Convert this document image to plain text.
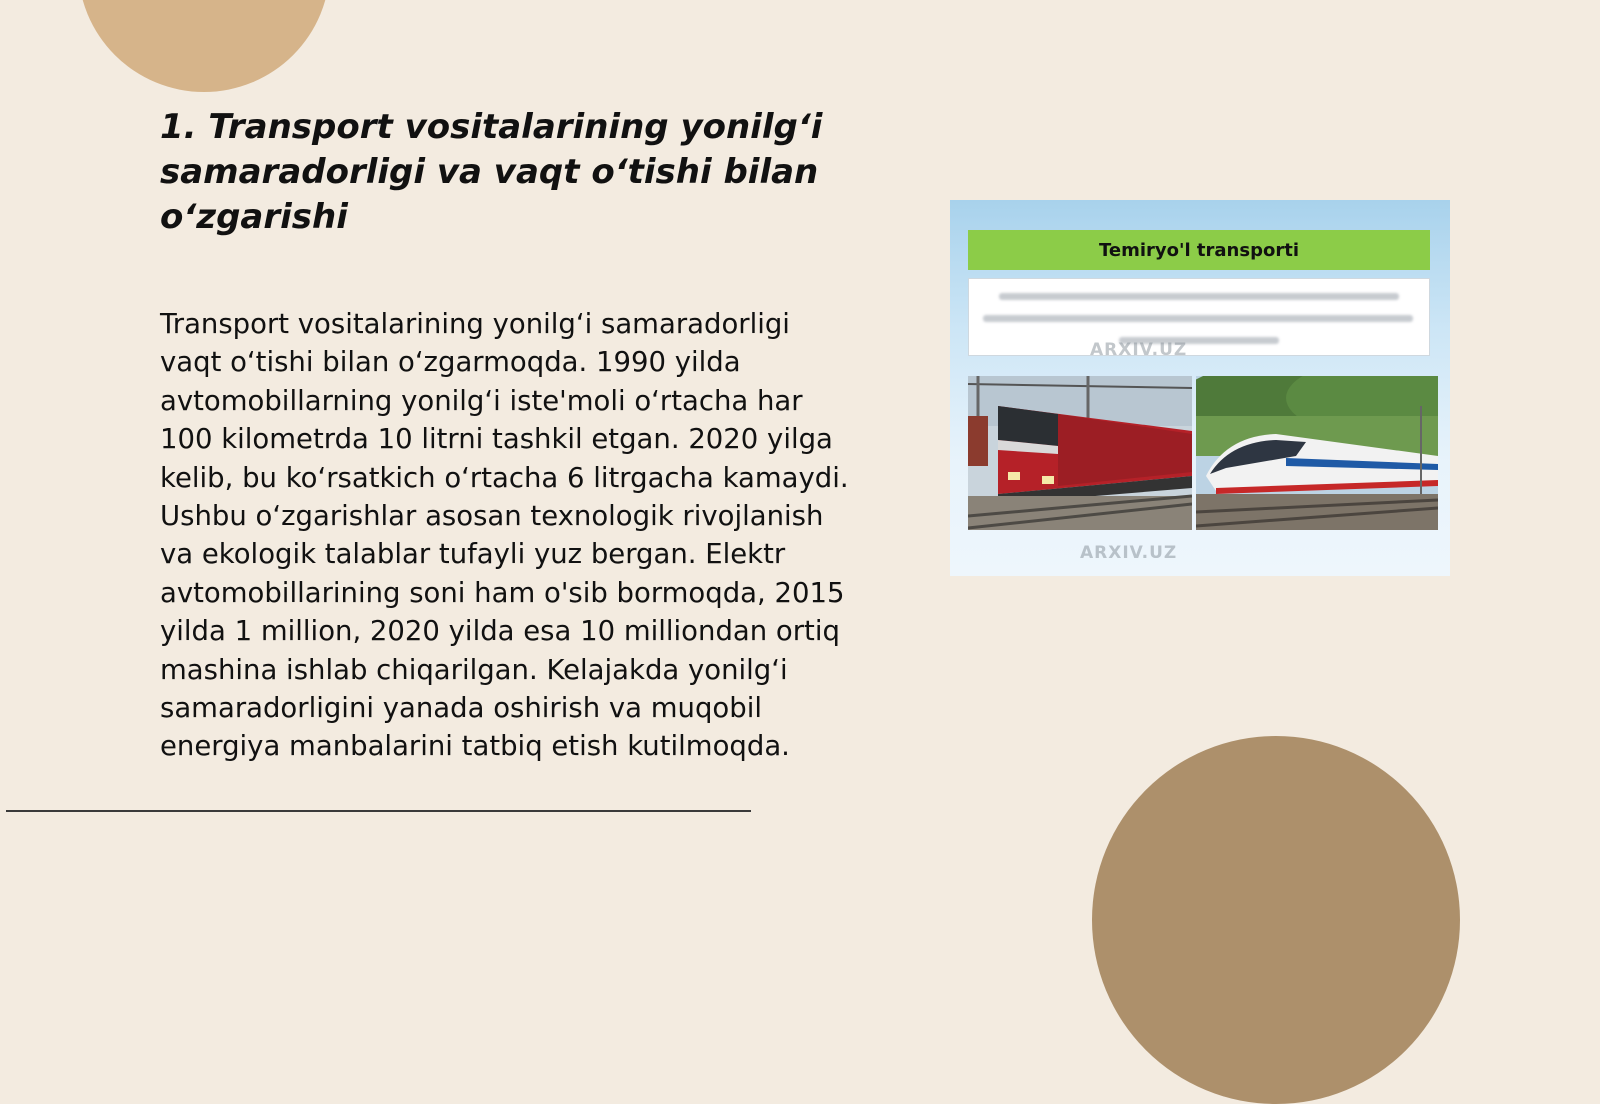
1. Transport vositalarining yonilg‘i samaradorligi va vaqt o‘tishi bilan o‘zgarishi

Transport vositalarining yonilg‘i samaradorligi vaqt o‘tishi bilan o‘zgarmoqda. 1990 yilda avtomobillarning yonilg‘i iste'moli o‘rtacha har 100 kilometrda 10 litrni tashkil etgan. 2020 yilga kelib, bu ko‘rsatkich o‘rtacha 6 litrgacha kamaydi. Ushbu o‘zgarishlar asosan texnologik rivojlanish va ekologik talablar tufayli yuz bergan. Elektr avtomobillarining soni ham o'sib bormoqda, 2015 yilda 1 million, 2020 yilda esa 10 milliondan ortiq mashina ishlab chiqarilgan. Kelajakda yonilg‘i samaradorligini yanada oshirish va muqobil energiya manbalarini tatbiq etish kutilmoqda.

Temiryo'l transporti
ARXIV.UZ
ARXIV.UZ
